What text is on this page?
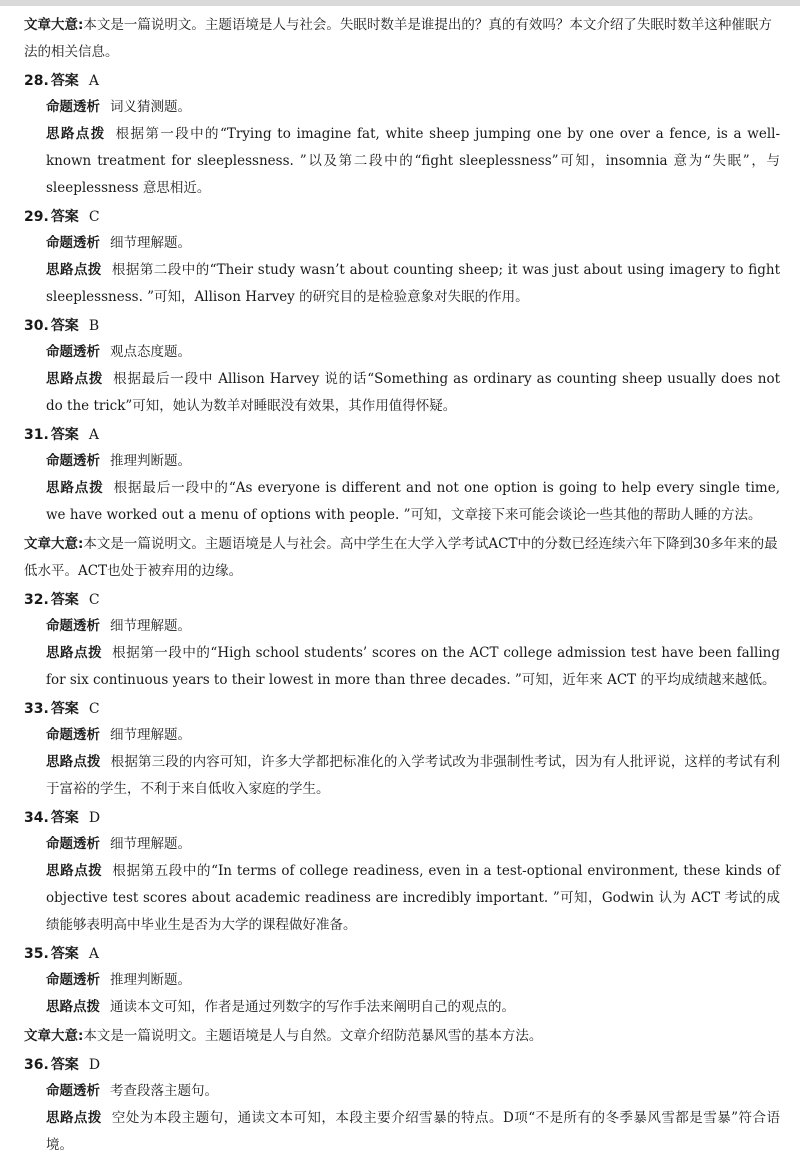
文章大意:本文是一篇说明文。主题语境是人与社会。失眠时数羊是谁提出的？真的有效吗？本文介绍了失眠时数羊这种催眠方法的相关信息。

28. 答案 A
命题透析 词义猜测题。
思路点拨 根据第一段中的“Trying to imagine fat, white sheep jumping one by one over a fence, is a well-known treatment for sleeplessness. ”以及第二段中的“fight sleeplessness”可知，insomnia 意为“失眠”，与 sleeplessness 意思相近。
29. 答案 C
命题透析 细节理解题。
思路点拨 根据第二段中的“Their study wasn’t about counting sheep; it was just about using imagery to fight sleeplessness. ”可知，Allison Harvey 的研究目的是检验意象对失眠的作用。
30. 答案 B
命题透析 观点态度题。
思路点拨 根据最后一段中 Allison Harvey 说的话“Something as ordinary as counting sheep usually does not do the trick”可知，她认为数羊对睡眠没有效果，其作用值得怀疑。
31. 答案 A
命题透析 推理判断题。
思路点拨 根据最后一段中的“As everyone is different and not one option is going to help every single time, we have worked out a menu of options with people. ”可知，文章接下来可能会谈论一些其他的帮助人睡的方法。

文章大意:本文是一篇说明文。主题语境是人与社会。高中学生在大学入学考试ACT中的分数已经连续六年下降到30多年来的最低水平。ACT也处于被弃用的边缘。

32. 答案 C
命题透析 细节理解题。
思路点拨 根据第一段中的“High school students’ scores on the ACT college admission test have been falling for six continuous years to their lowest in more than three decades. ”可知，近年来 ACT 的平均成绩越来越低。
33. 答案 C
命题透析 细节理解题。
思路点拨 根据第三段的内容可知，许多大学都把标准化的入学考试改为非强制性考试，因为有人批评说，这样的考试有利于富裕的学生，不利于来自低收入家庭的学生。
34. 答案 D
命题透析 细节理解题。
思路点拨 根据第五段中的“In terms of college readiness, even in a test-optional environment, these kinds of objective test scores about academic readiness are incredibly important. ”可知，Godwin 认为 ACT 考试的成绩能够表明高中毕业生是否为大学的课程做好准备。
35. 答案 A
命题透析 推理判断题。
思路点拨 通读本文可知，作者是通过列数字的写作手法来阐明自己的观点的。

文章大意:本文是一篇说明文。主题语境是人与自然。文章介绍防范暴风雪的基本方法。

36. 答案 D
命题透析 考查段落主题句。
思路点拨 空处为本段主题句，通读文本可知，本段主要介绍雪暴的特点。D项“不是所有的冬季暴风雪都是雪暴”符合语境。
